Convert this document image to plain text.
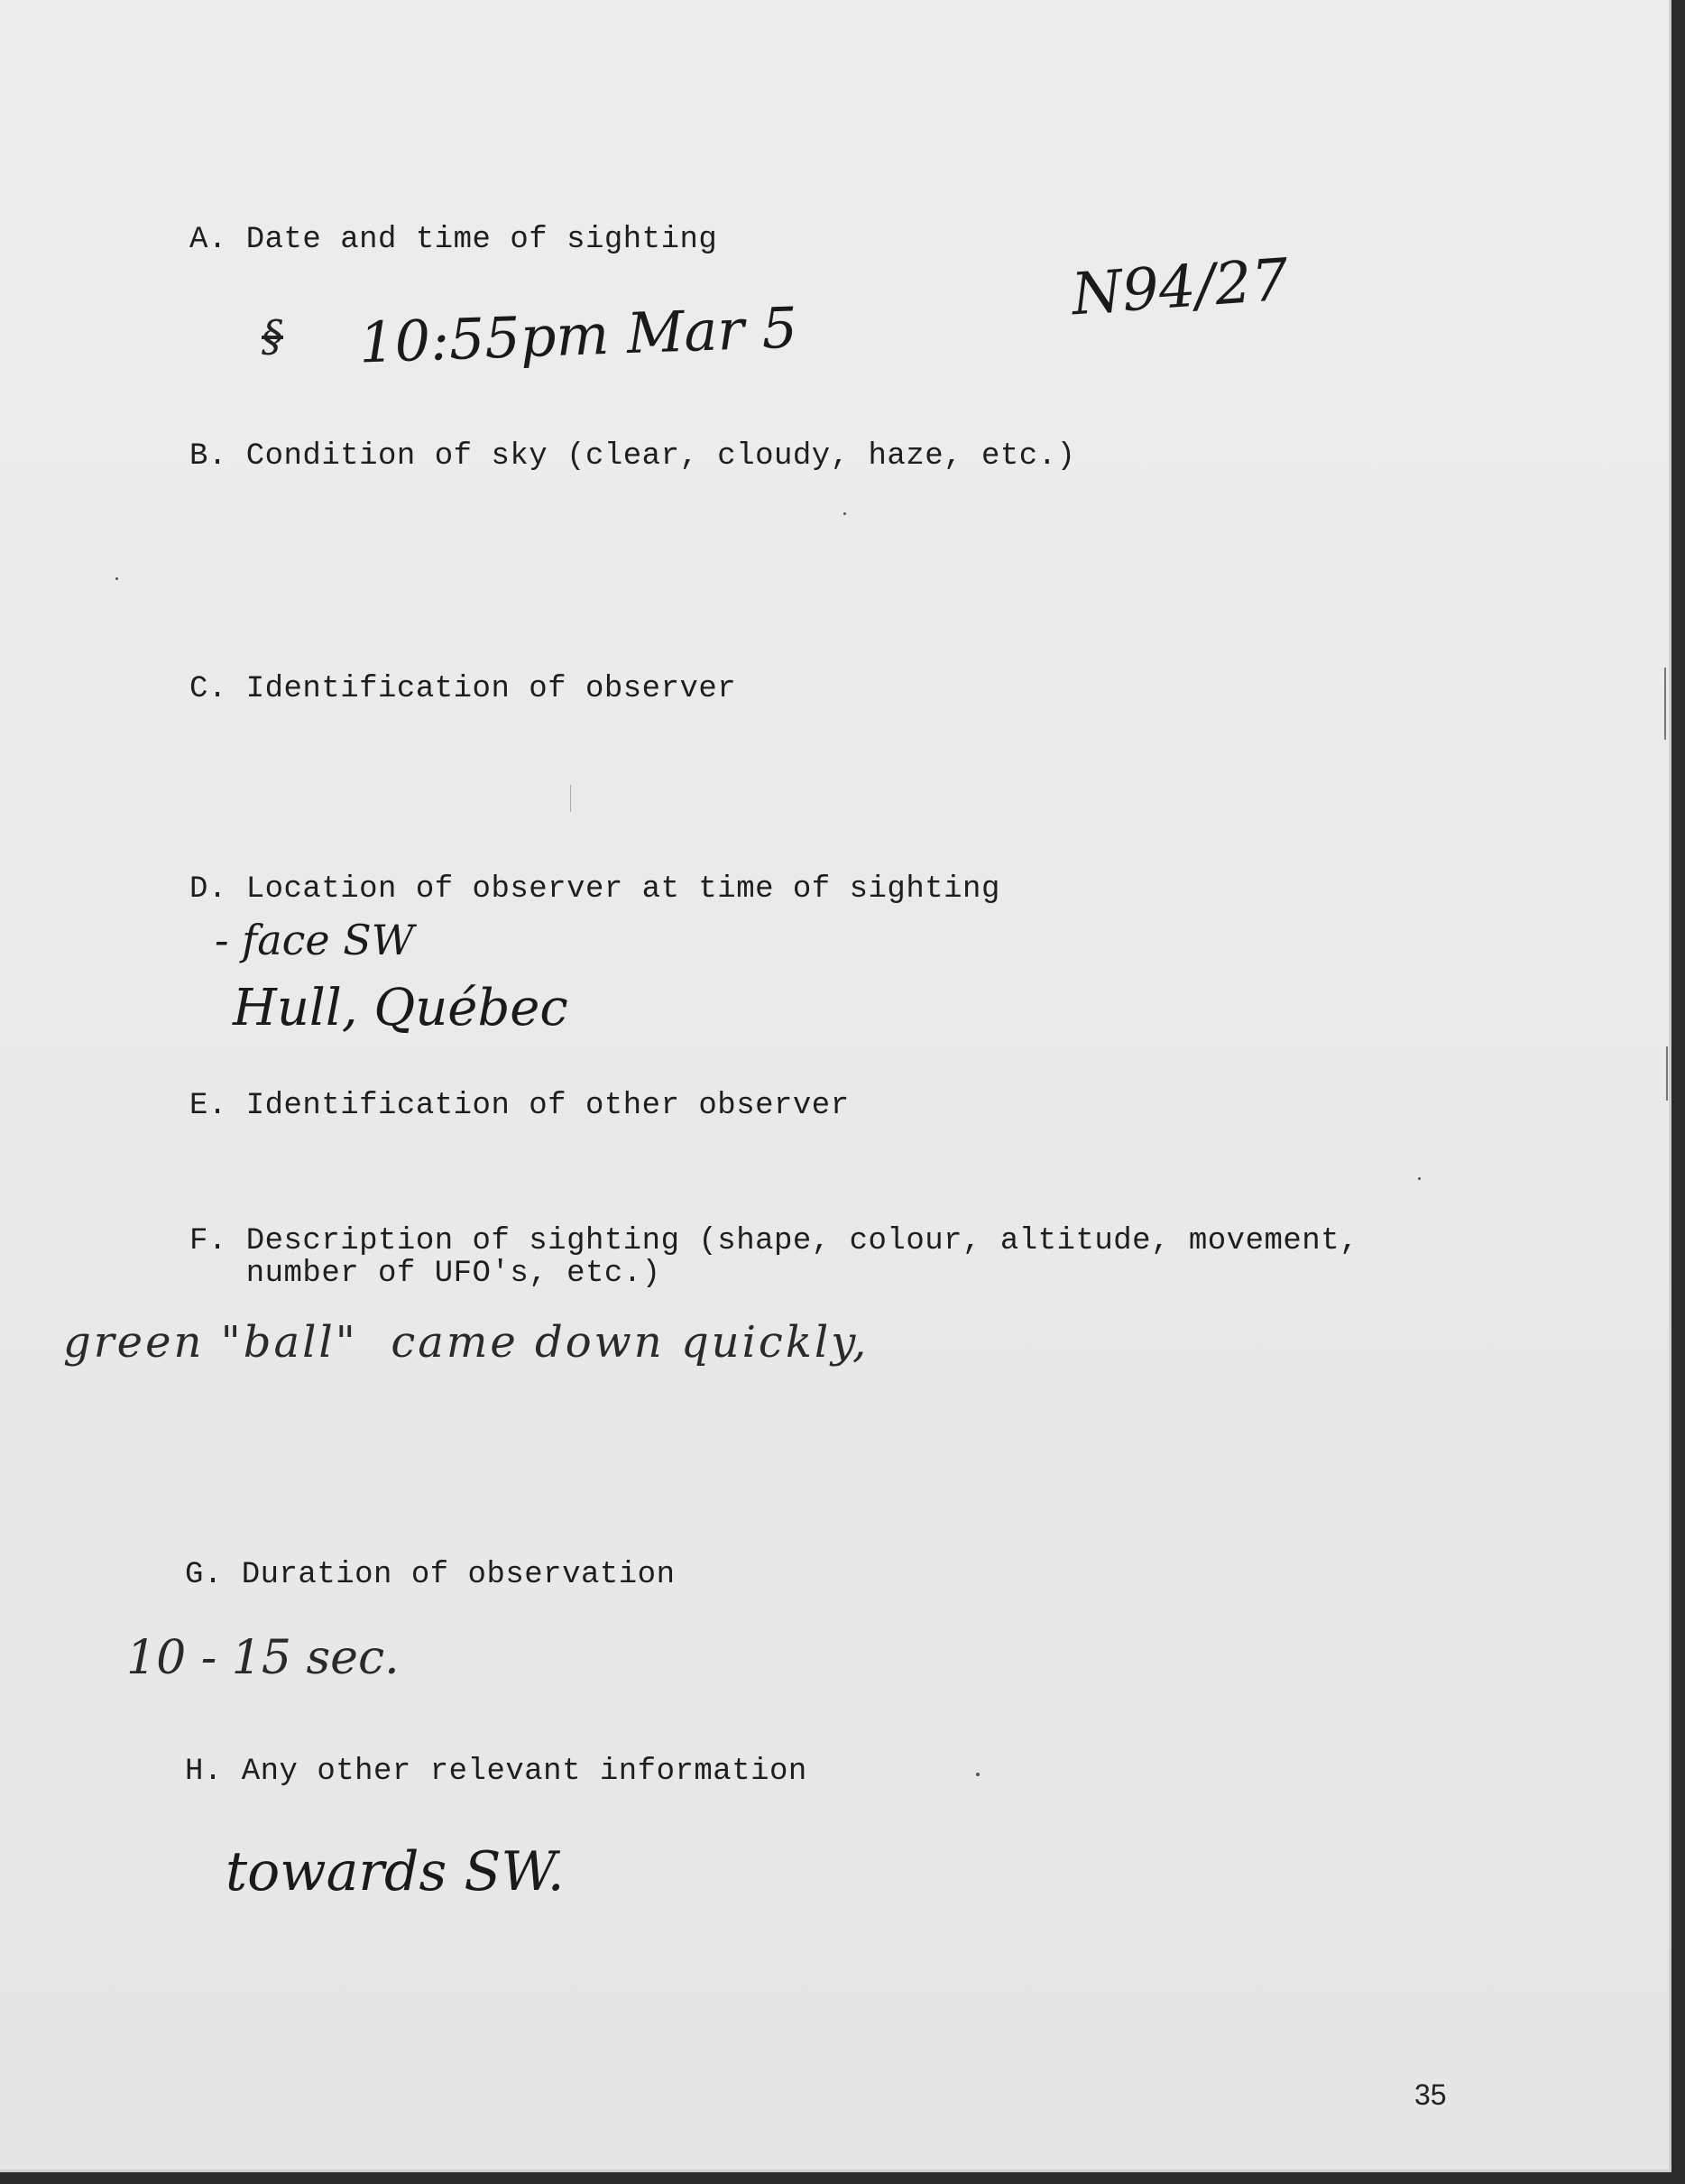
N94/27

A. Date and time of sighting

10:55pm Mar 5

§

B. Condition of sky (clear, cloudy, haze, etc.)

C. Identification of observer

D. Location of observer at time of sighting

- face SW

Hull, Québec

E. Identification of other observer

F. Description of sighting (shape, colour, altitude, movement,

number of UFO's, etc.)

green "ball"  came down quickly,

G. Duration of observation

10 - 15 sec.

H. Any other relevant information

towards SW.

35
